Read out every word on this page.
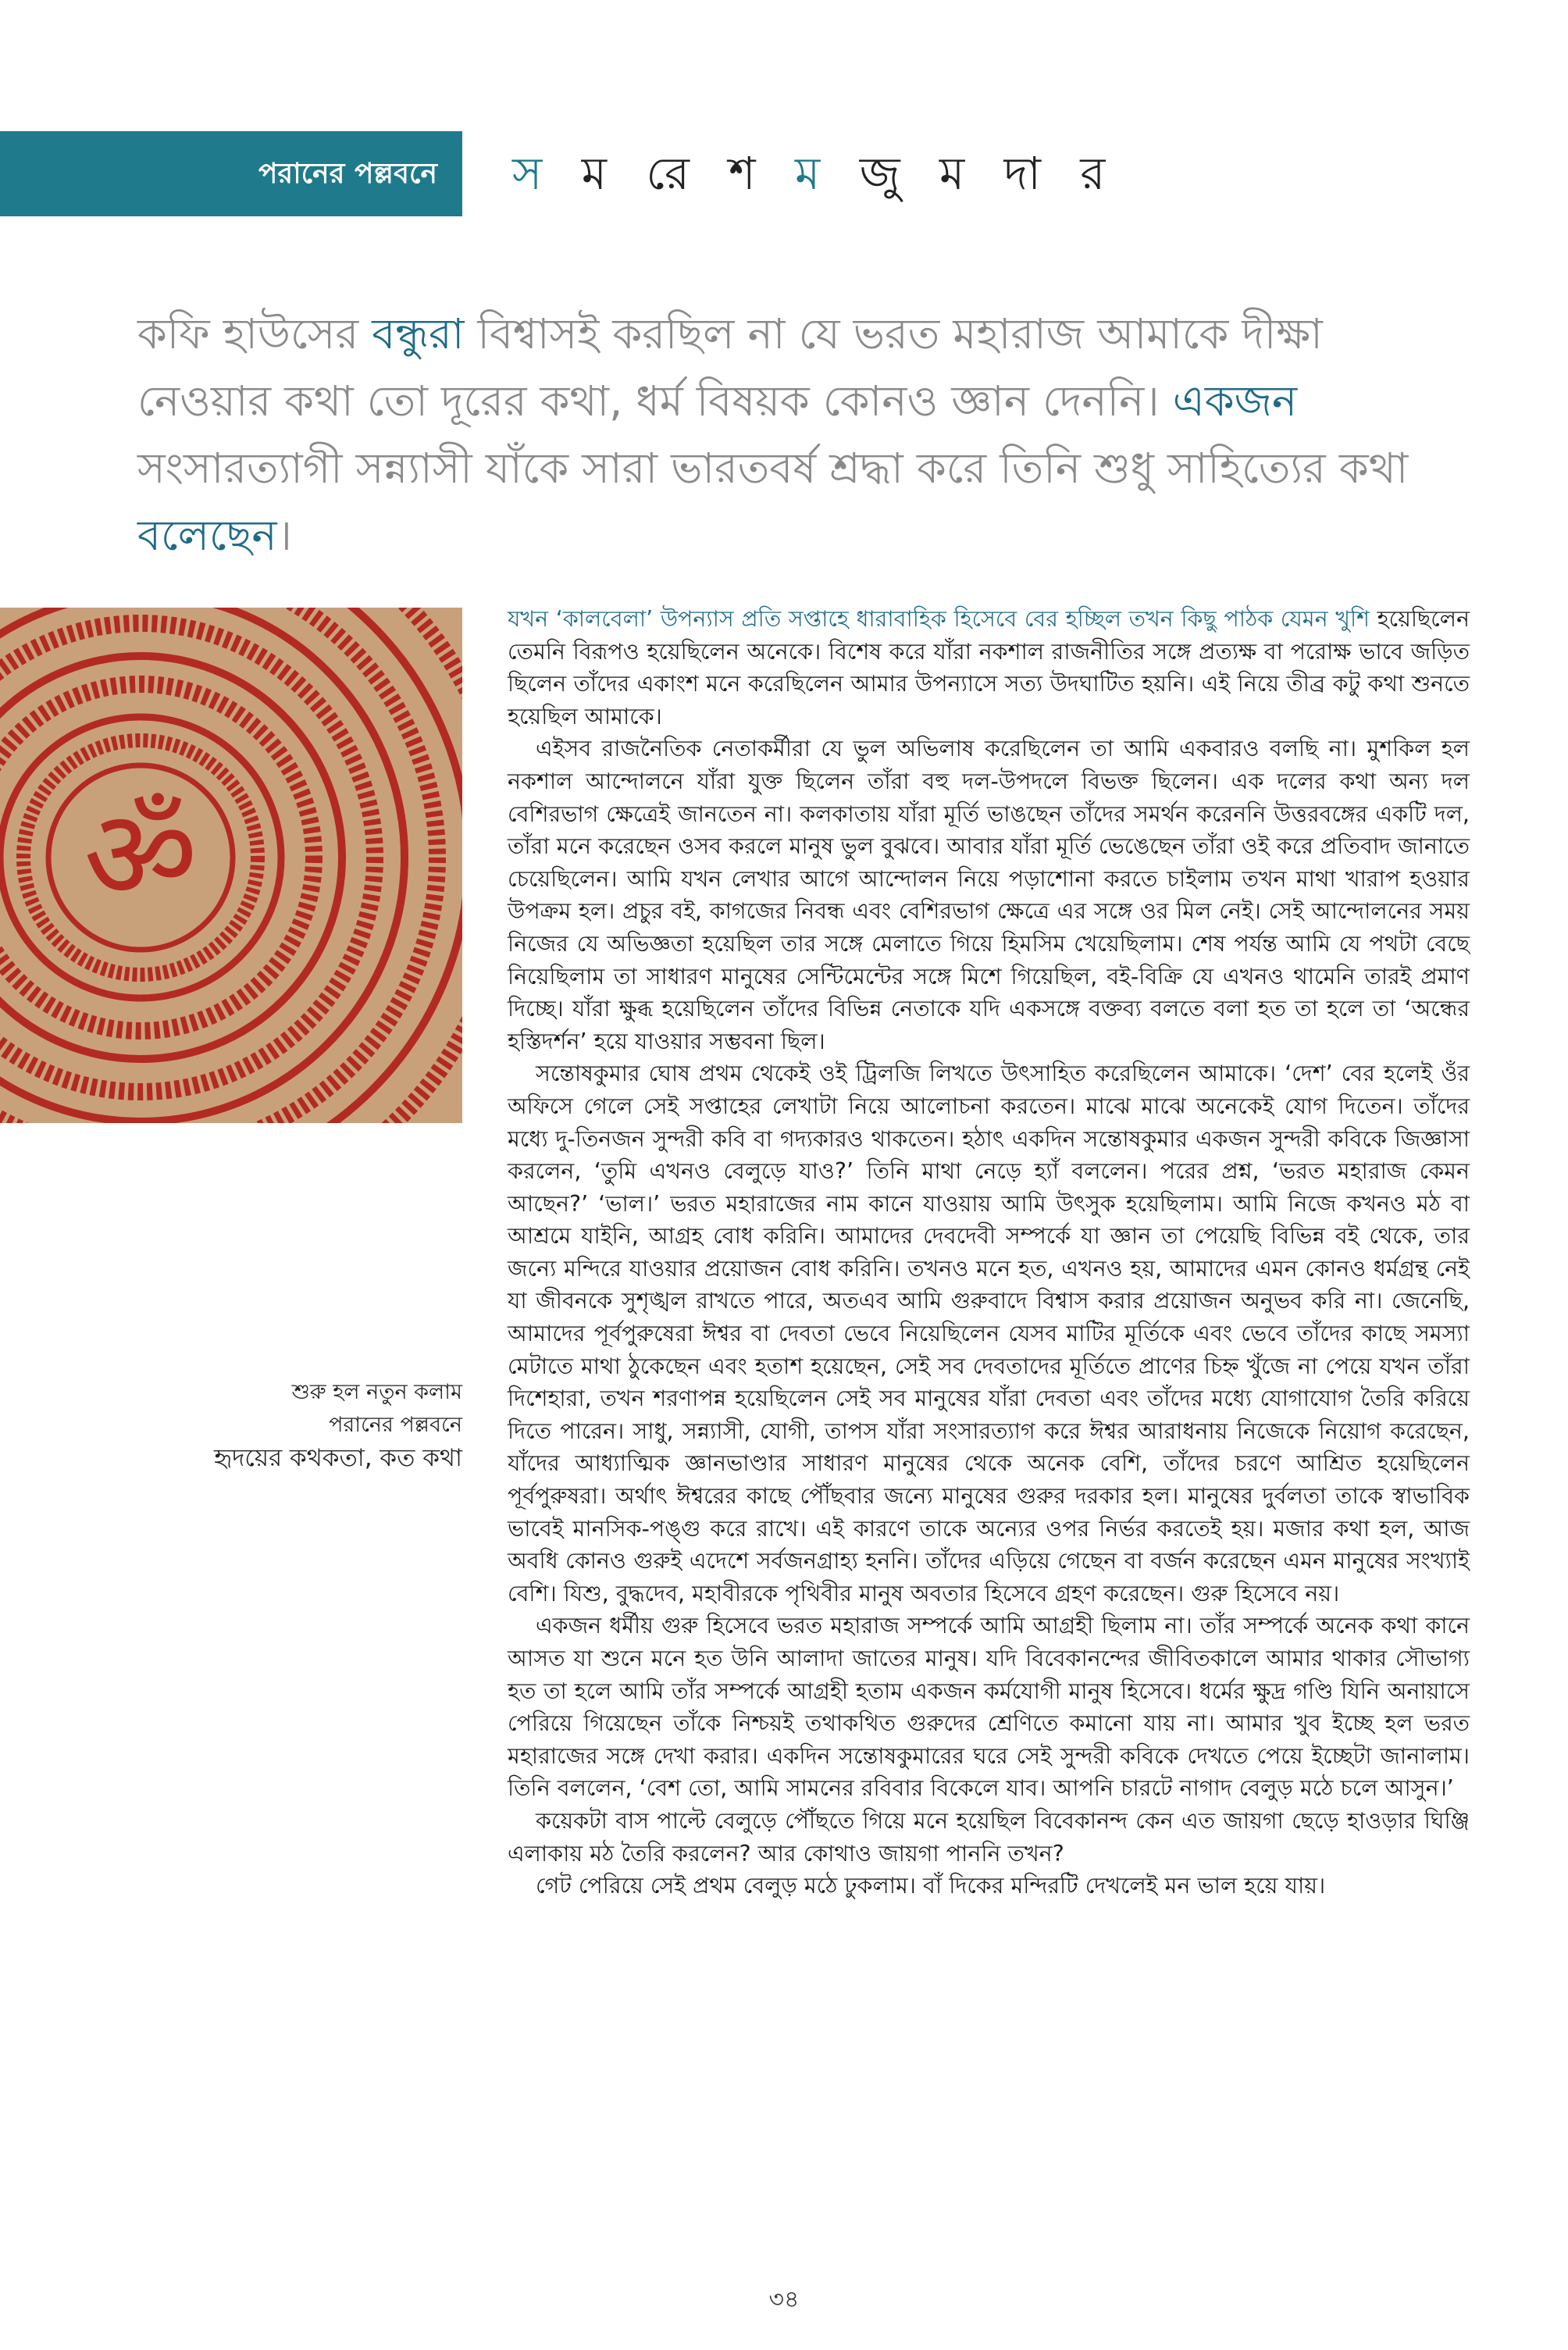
পরানের পল্লবনে স ম রে শ ম জু ম দা র
কফি হাউসের বন্ধুরা বিশ্বাসই করছিল না যে ভরত মহারাজ আমাকে দীক্ষা নেওয়ার কথা তো দূরের কথা, ধর্ম বিষয়ক কোনও জ্ঞান দেননি। একজন সংসারত্যাগী সন্ন্যাসী যাঁকে সারা ভারতবর্ষ শ্রদ্ধা করে তিনি শুধু সাহিত্যের কথা বলেছেন।
ॐ
শুরু হল নতুন কলাম
পরানের পল্লবনে
হৃদয়ের কথকতা, কত কথা

যখন ‘কালবেলা’ উপন্যাস প্রতি সপ্তাহে ধারাবাহিক হিসেবে বের হচ্ছিল তখন কিছু পাঠক যেমন খুশি হয়েছিলেন তেমনি বিরূপও হয়েছিলেন অনেকে। বিশেষ করে যাঁরা নকশাল রাজনীতির সঙ্গে প্রত্যক্ষ বা পরোক্ষ ভাবে জড়িত ছিলেন তাঁদের একাংশ মনে করেছিলেন আমার উপন্যাসে সত্য উদঘাটিত হয়নি। এই নিয়ে তীব্র কটু কথা শুনতে হয়েছিল আমাকে।

এইসব রাজনৈতিক নেতাকর্মীরা যে ভুল অভিলাষ করেছিলেন তা আমি একবারও বলছি না। মুশকিল হল নকশাল আন্দোলনে যাঁরা যুক্ত ছিলেন তাঁরা বহু দল-উপদলে বিভক্ত ছিলেন। এক দলের কথা অন্য দল বেশিরভাগ ক্ষেত্রেই জানতেন না। কলকাতায় যাঁরা মূর্তি ভাঙছেন তাঁদের সমর্থন করেননি উত্তরবঙ্গের একটি দল, তাঁরা মনে করেছেন ওসব করলে মানুষ ভুল বুঝবে। আবার যাঁরা মূর্তি ভেঙেছেন তাঁরা ওই করে প্রতিবাদ জানাতে চেয়েছিলেন। আমি যখন লেখার আগে আন্দোলন নিয়ে পড়াশোনা করতে চাইলাম তখন মাথা খারাপ হওয়ার উপক্রম হল। প্রচুর বই, কাগজের নিবন্ধ এবং বেশিরভাগ ক্ষেত্রে এর সঙ্গে ওর মিল নেই। সেই আন্দোলনের সময় নিজের যে অভিজ্ঞতা হয়েছিল তার সঙ্গে মেলাতে গিয়ে হিমসিম খেয়েছিলাম। শেষ পর্যন্ত আমি যে পথটা বেছে নিয়েছিলাম তা সাধারণ মানুষের সেন্টিমেন্টের সঙ্গে মিশে গিয়েছিল, বই-বিক্রি যে এখনও থামেনি তারই প্রমাণ দিচ্ছে। যাঁরা ক্ষুব্ধ হয়েছিলেন তাঁদের বিভিন্ন নেতাকে যদি একসঙ্গে বক্তব্য বলতে বলা হত তা হলে তা ‘অন্ধের হস্তিদর্শন’ হয়ে যাওয়ার সম্ভবনা ছিল।

সন্তোষকুমার ঘোষ প্রথম থেকেই ওই ট্রিলজি লিখতে উৎসাহিত করেছিলেন আমাকে। ‘দেশ’ বের হলেই ওঁর অফিসে গেলে সেই সপ্তাহের লেখাটা নিয়ে আলোচনা করতেন। মাঝে মাঝে অনেকেই যোগ দিতেন। তাঁদের মধ্যে দু-তিনজন সুন্দরী কবি বা গদ্যকারও থাকতেন। হঠাৎ একদিন সন্তোষকুমার একজন সুন্দরী কবিকে জিজ্ঞাসা করলেন, ‘তুমি এখনও বেলুড়ে যাও?’ তিনি মাথা নেড়ে হ্যাঁ বললেন। পরের প্রশ্ন, ‘ভরত মহারাজ কেমন আছেন?’ ‘ভাল।’ ভরত মহারাজের নাম কানে যাওয়ায় আমি উৎসুক হয়েছিলাম। আমি নিজে কখনও মঠ বা আশ্রমে যাইনি, আগ্রহ বোধ করিনি। আমাদের দেবদেবী সম্পর্কে যা জ্ঞান তা পেয়েছি বিভিন্ন বই থেকে, তার জন্যে মন্দিরে যাওয়ার প্রয়োজন বোধ করিনি। তখনও মনে হত, এখনও হয়, আমাদের এমন কোনও ধর্মগ্রন্থ নেই যা জীবনকে সুশৃঙ্খল রাখতে পারে, অতএব আমি গুরুবাদে বিশ্বাস করার প্রয়োজন অনুভব করি না। জেনেছি, আমাদের পূর্বপুরুষেরা ঈশ্বর বা দেবতা ভেবে নিয়েছিলেন যেসব মাটির মূর্তিকে এবং ভেবে তাঁদের কাছে সমস্যা মেটাতে মাথা ঠুকেছেন এবং হতাশ হয়েছেন, সেই সব দেবতাদের মূর্তিতে প্রাণের চিহ্ন খুঁজে না পেয়ে যখন তাঁরা দিশেহারা, তখন শরণাপন্ন হয়েছিলেন সেই সব মানুষের যাঁরা দেবতা এবং তাঁদের মধ্যে যোগাযোগ তৈরি করিয়ে দিতে পারেন। সাধু, সন্ন্যাসী, যোগী, তাপস যাঁরা সংসারত্যাগ করে ঈশ্বর আরাধনায় নিজেকে নিয়োগ করেছেন, যাঁদের আধ্যাত্মিক জ্ঞানভাণ্ডার সাধারণ মানুষের থেকে অনেক বেশি, তাঁদের চরণে আশ্রিত হয়েছিলেন পূর্বপুরুষরা। অর্থাৎ ঈশ্বরের কাছে পৌঁছবার জন্যে মানুষের গুরুর দরকার হল। মানুষের দুর্বলতা তাকে স্বাভাবিক ভাবেই মানসিক-পঙ্গু করে রাখে। এই কারণে তাকে অন্যের ওপর নির্ভর করতেই হয়। মজার কথা হল, আজ অবধি কোনও গুরুই এদেশে সর্বজনগ্রাহ্য হননি। তাঁদের এড়িয়ে গেছেন বা বর্জন করেছেন এমন মানুষের সংখ্যাই বেশি। যিশু, বুদ্ধদেব, মহাবীরকে পৃথিবীর মানুষ অবতার হিসেবে গ্রহণ করেছেন। গুরু হিসেবে নয়।

একজন ধর্মীয় গুরু হিসেবে ভরত মহারাজ সম্পর্কে আমি আগ্রহী ছিলাম না। তাঁর সম্পর্কে অনেক কথা কানে আসত যা শুনে মনে হত উনি আলাদা জাতের মানুষ। যদি বিবেকানন্দের জীবিতকালে আমার থাকার সৌভাগ্য হত তা হলে আমি তাঁর সম্পর্কে আগ্রহী হতাম একজন কর্মযোগী মানুষ হিসেবে। ধর্মের ক্ষুদ্র গণ্ডি যিনি অনায়াসে পেরিয়ে গিয়েছেন তাঁকে নিশ্চয়ই তথাকথিত গুরুদের শ্রেণিতে কমানো যায় না। আমার খুব ইচ্ছে হল ভরত মহারাজের সঙ্গে দেখা করার। একদিন সন্তোষকুমারের ঘরে সেই সুন্দরী কবিকে দেখতে পেয়ে ইচ্ছেটা জানালাম। তিনি বললেন, ‘বেশ তো, আমি সামনের রবিবার বিকেলে যাব। আপনি চারটে নাগাদ বেলুড় মঠে চলে আসুন।’

কয়েকটা বাস পাল্টে বেলুড়ে পৌঁছতে গিয়ে মনে হয়েছিল বিবেকানন্দ কেন এত জায়গা ছেড়ে হাওড়ার ঘিঞ্জি এলাকায় মঠ তৈরি করলেন? আর কোথাও জায়গা পাননি তখন?

গেট পেরিয়ে সেই প্রথম বেলুড় মঠে ঢুকলাম। বাঁ দিকের মন্দিরটি দেখলেই মন ভাল হয়ে যায়।

৩৪
